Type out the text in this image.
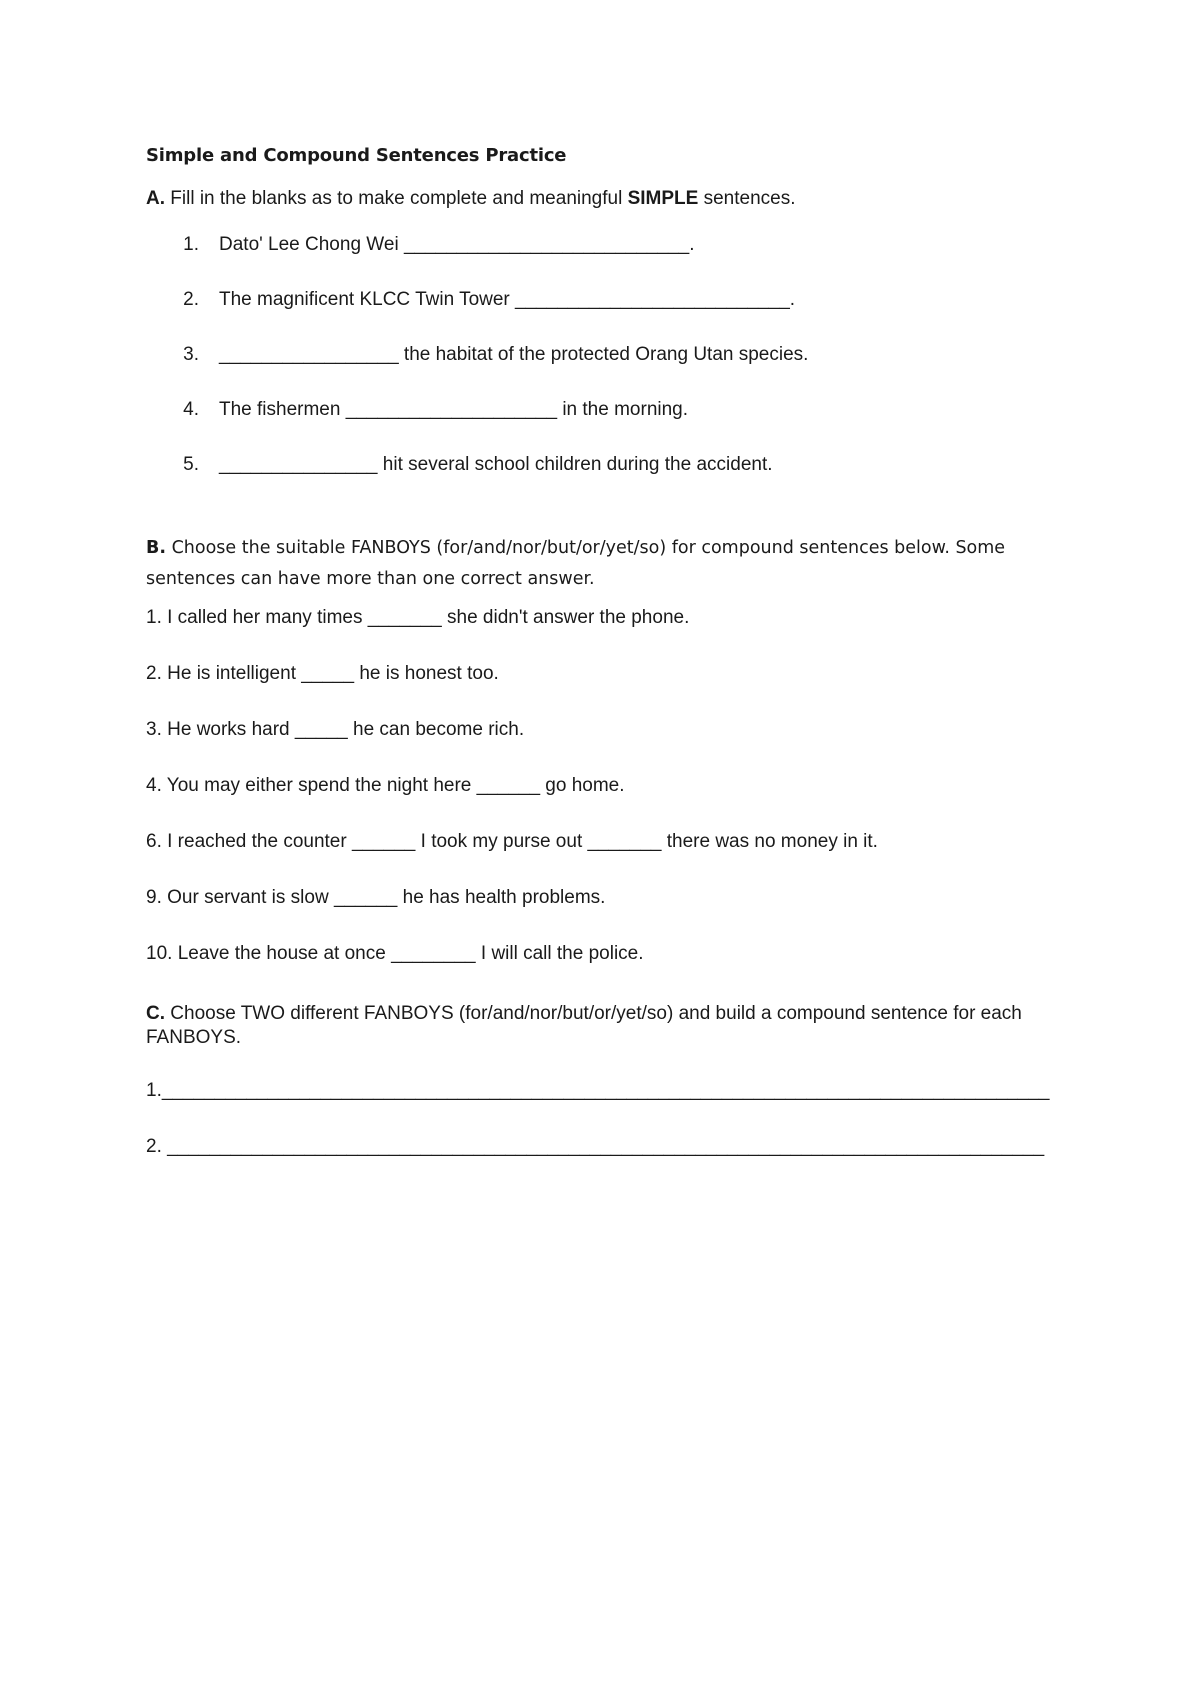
Simple and Compound Sentences Practice

A. Fill in the blanks as to make complete and meaningful SIMPLE sentences.

1.	Dato' Lee Chong Wei ___________________________.
2.	The magnificent KLCC Twin Tower __________________________.
3.	_________________ the habitat of the protected Orang Utan species.
4.	The fishermen ____________________ in the morning.
5.	_______________ hit several school children during the accident.

B. Choose the suitable FANBOYS (for/and/nor/but/or/yet/so) for compound sentences below. Some sentences can have more than one correct answer.

1. I called her many times _______ she didn't answer the phone.

2. He is intelligent _____ he is honest too.

3. He works hard _____ he can become rich.

4. You may either spend the night here ______ go home.

6. I reached the counter ______ I took my purse out _______ there was no money in it.

9. Our servant is slow ______ he has health problems.

10. Leave the house at once ________ I will call the police.

C. Choose TWO different FANBOYS (for/and/nor/but/or/yet/so) and build a compound sentence for each FANBOYS.

1.____________________________________________________________________________________

2. ___________________________________________________________________________________
